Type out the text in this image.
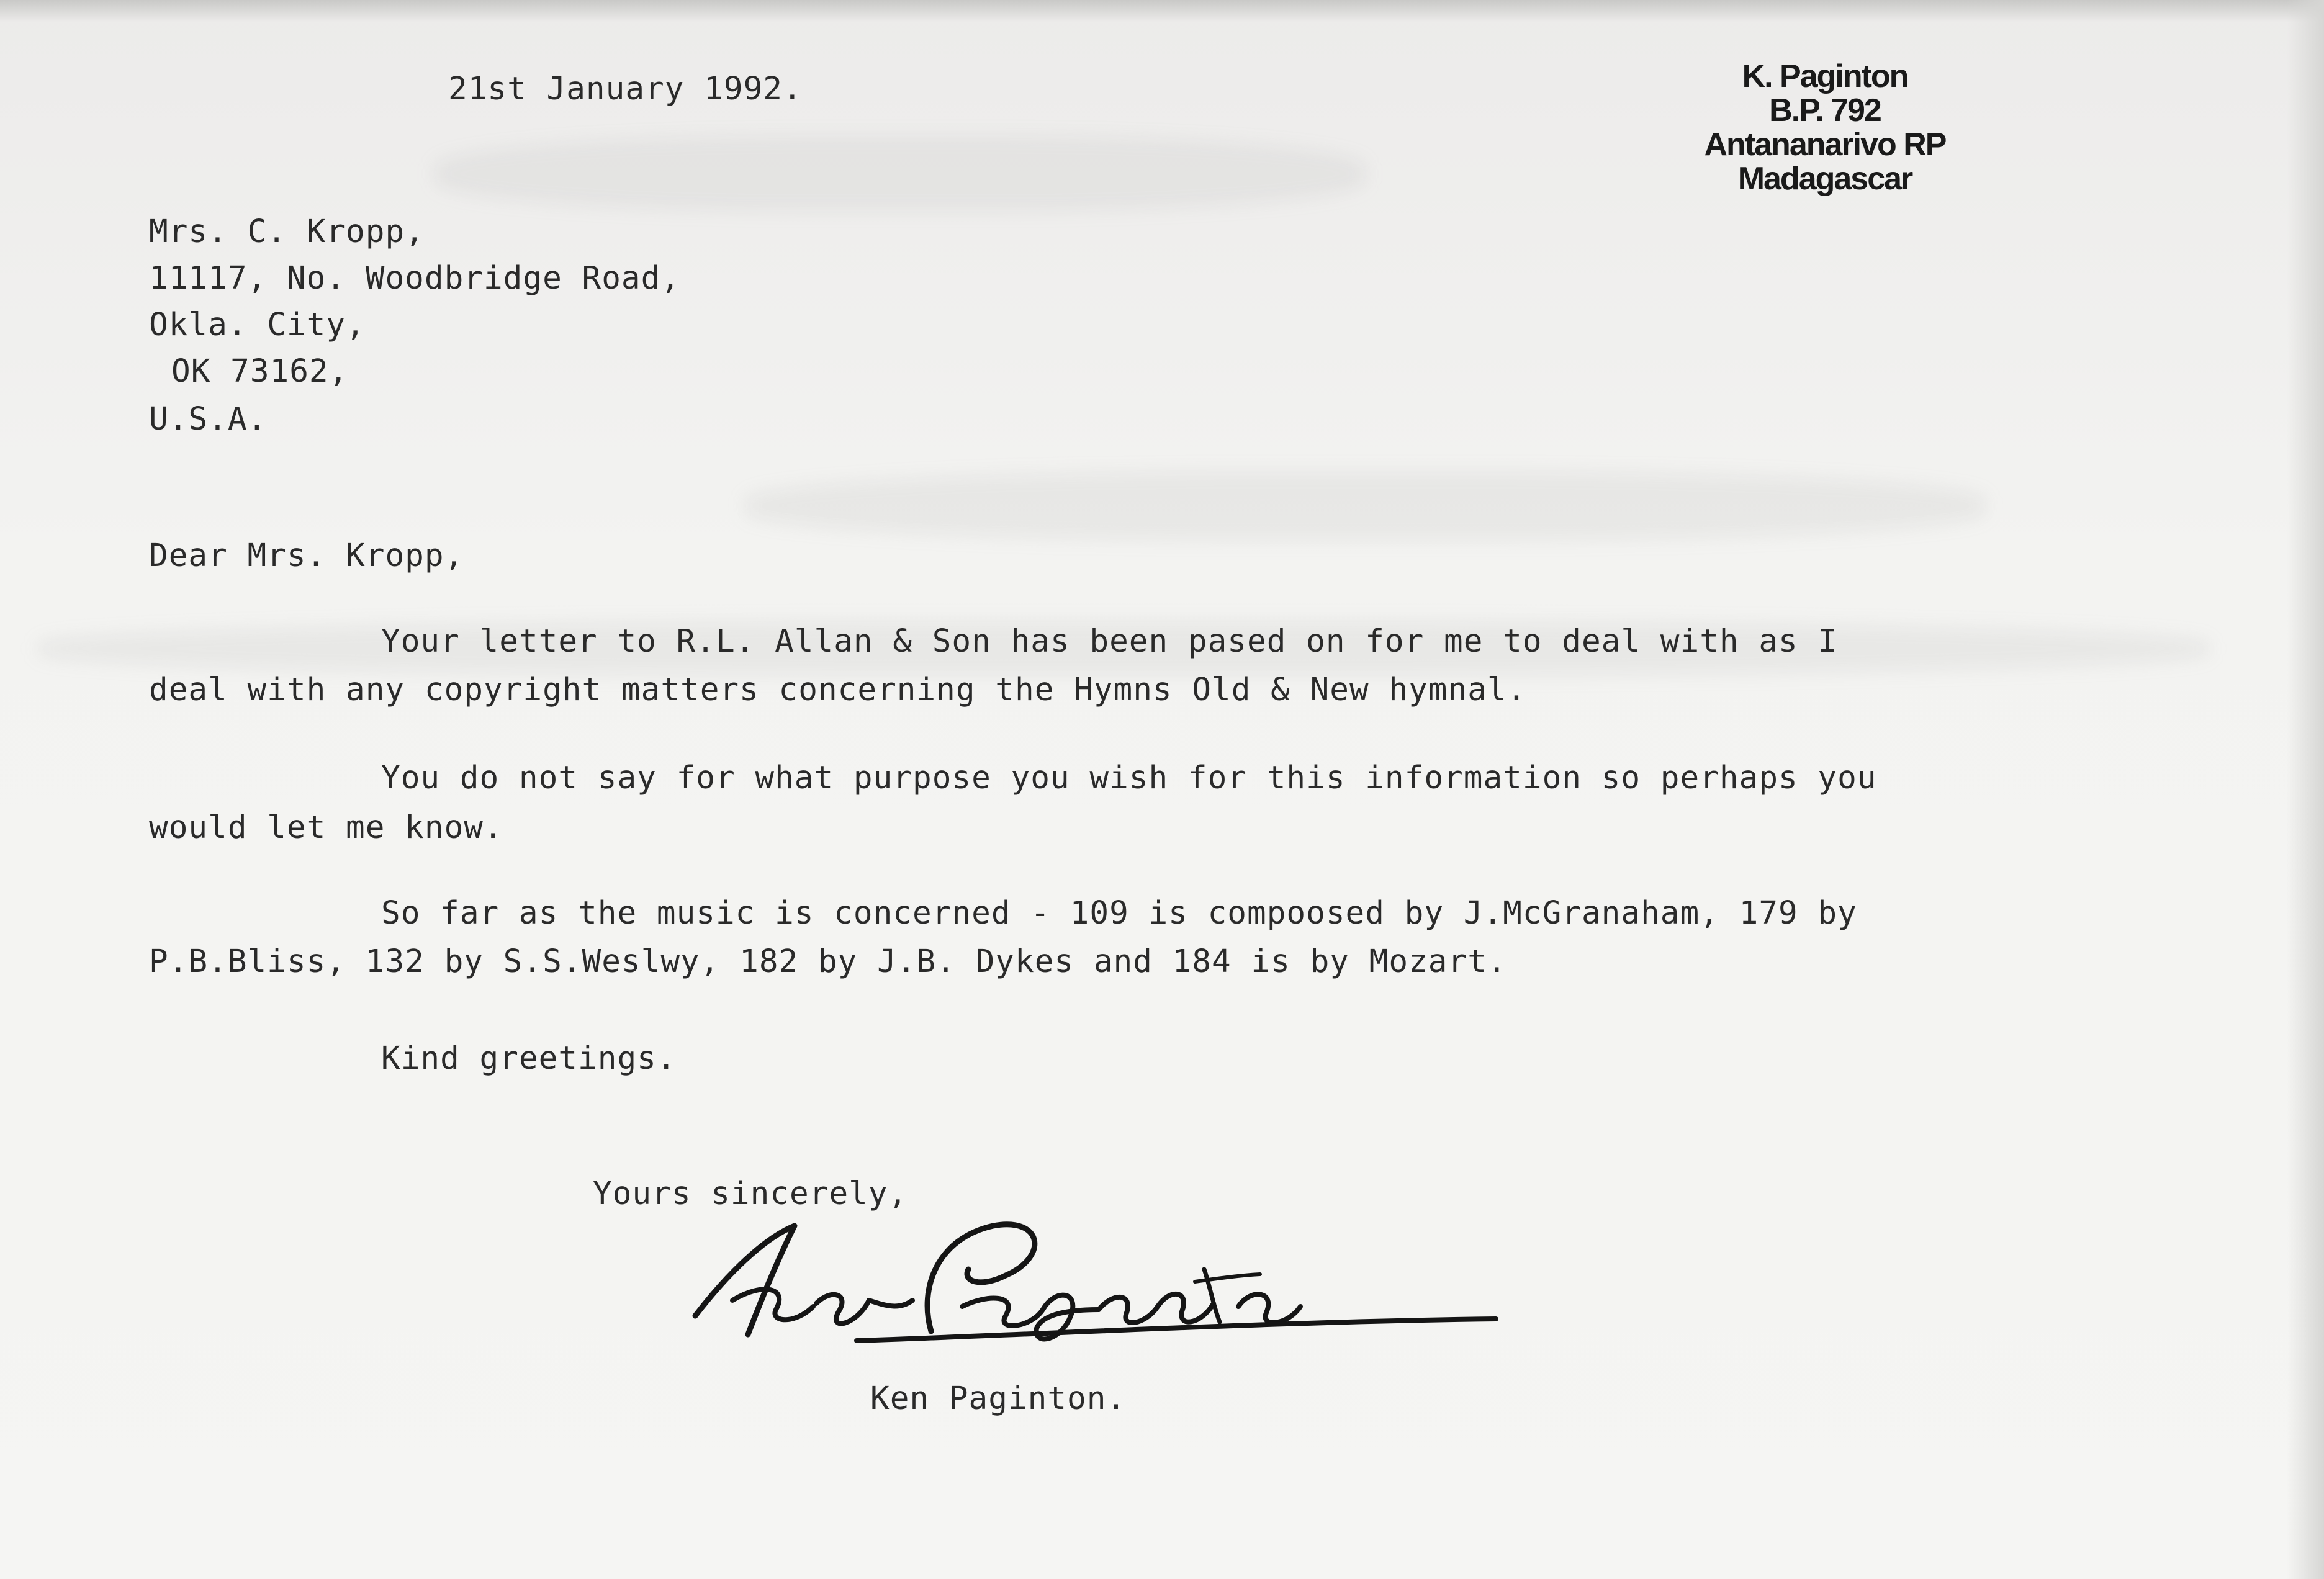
21st January 1992.	K. Paginton
B.P. 792
Antananarivo RP
Madagascar
Mrs. C. Kropp,
11117, No. Woodbridge Road,
Okla. City,
OK 73162,
U.S.A.
Dear Mrs. Kropp,
Your letter to R.L. Allan & Son has been pased on for me to deal with as I
deal with any copyright matters concerning the Hymns Old & New hymnal.
You do not say for what purpose you wish for this information so perhaps you
would let me know.
So far as the music is concerned - 109 is compoosed by J.McGranaham, 179 by
P.B.Bliss, 132 by S.S.Weslwy, 182 by J.B. Dykes and 184 is by Mozart.
Kind greetings.
Yours sincerely,
Ken Paginton.
